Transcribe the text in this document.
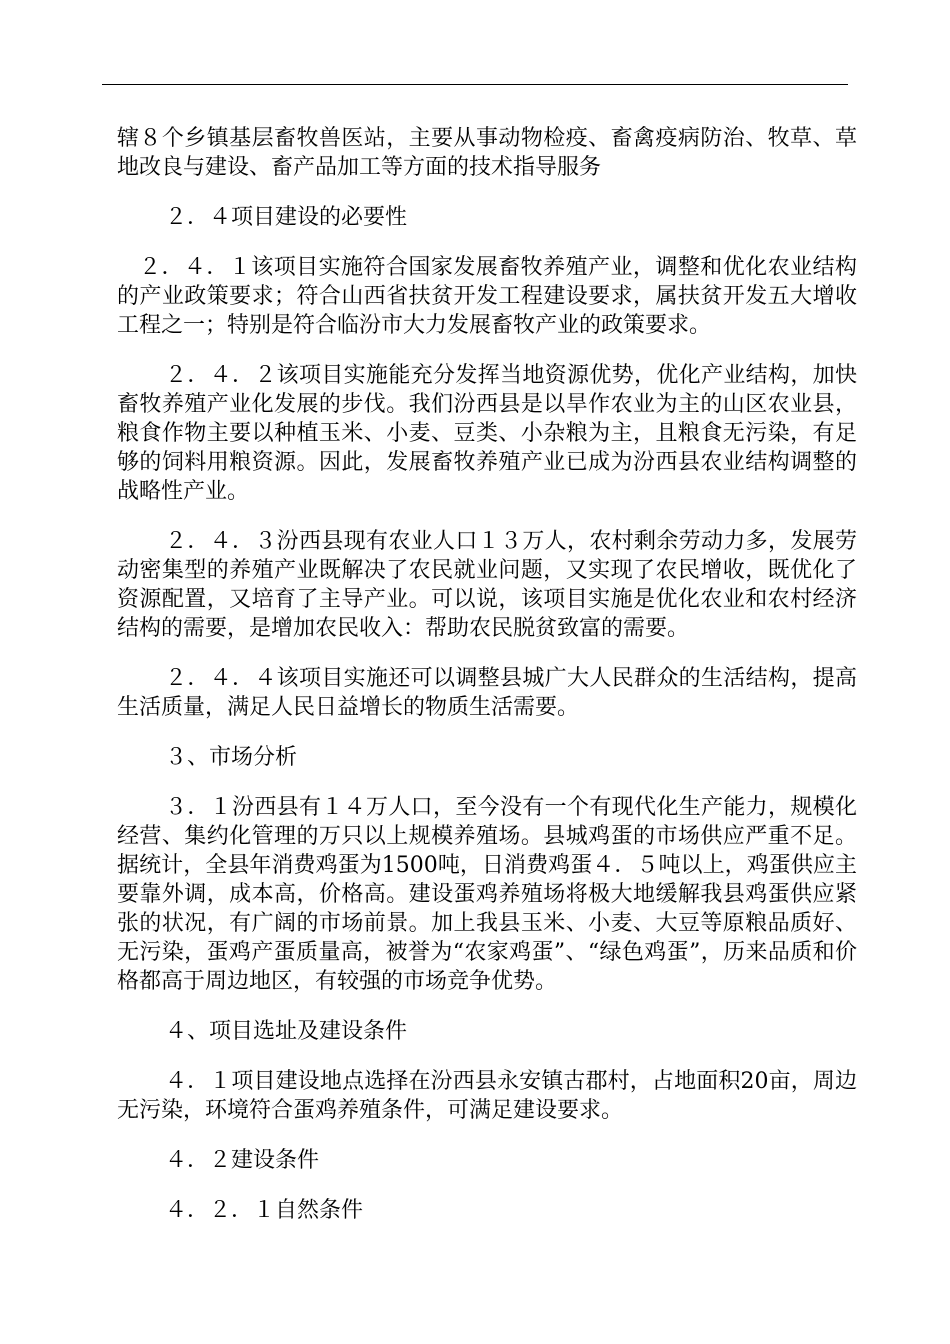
辖８个乡镇基层畜牧兽医站，主要从事动物检疫、畜禽疫病防治、牧草、草地改良与建设、畜产品加工等方面的技术指导服务

２．４项目建设的必要性

２．４．１该项目实施符合国家发展畜牧养殖产业，调整和优化农业结构的产业政策要求；符合山西省扶贫开发工程建设要求，属扶贫开发五大增收工程之一；特别是符合临汾市大力发展畜牧产业的政策要求。

２．４．２该项目实施能充分发挥当地资源优势，优化产业结构，加快畜牧养殖产业化发展的步伐。我们汾西县是以旱作农业为主的山区农业县，粮食作物主要以种植玉米、小麦、豆类、小杂粮为主，且粮食无污染，有足够的饲料用粮资源。因此，发展畜牧养殖产业已成为汾西县农业结构调整的战略性产业。

２．４．３汾西县现有农业人口１３万人，农村剩余劳动力多，发展劳动密集型的养殖产业既解决了农民就业问题，又实现了农民增收，既优化了资源配置，又培育了主导产业。可以说，该项目实施是优化农业和农村经济结构的需要，是增加农民收入：帮助农民脱贫致富的需要。

２．４．４该项目实施还可以调整县城广大人民群众的生活结构，提高生活质量，满足人民日益增长的物质生活需要。

３、市场分析

３．１汾西县有１４万人口，至今没有一个有现代化生产能力，规模化经营、集约化管理的万只以上规模养殖场。县城鸡蛋的市场供应严重不足。据统计，全县年消费鸡蛋为1500吨，日消费鸡蛋４．５吨以上，鸡蛋供应主要靠外调，成本高，价格高。建设蛋鸡养殖场将极大地缓解我县鸡蛋供应紧张的状况，有广阔的市场前景。加上我县玉米、小麦、大豆等原粮品质好、无污染，蛋鸡产蛋质量高，被誉为“农家鸡蛋”、“绿色鸡蛋”，历来品质和价格都高于周边地区，有较强的市场竞争优势。

４、项目选址及建设条件

４．１项目建设地点选择在汾西县永安镇古郡村，占地面积20亩，周边无污染，环境符合蛋鸡养殖条件，可满足建设要求。

４．２建设条件

４．２．１自然条件
